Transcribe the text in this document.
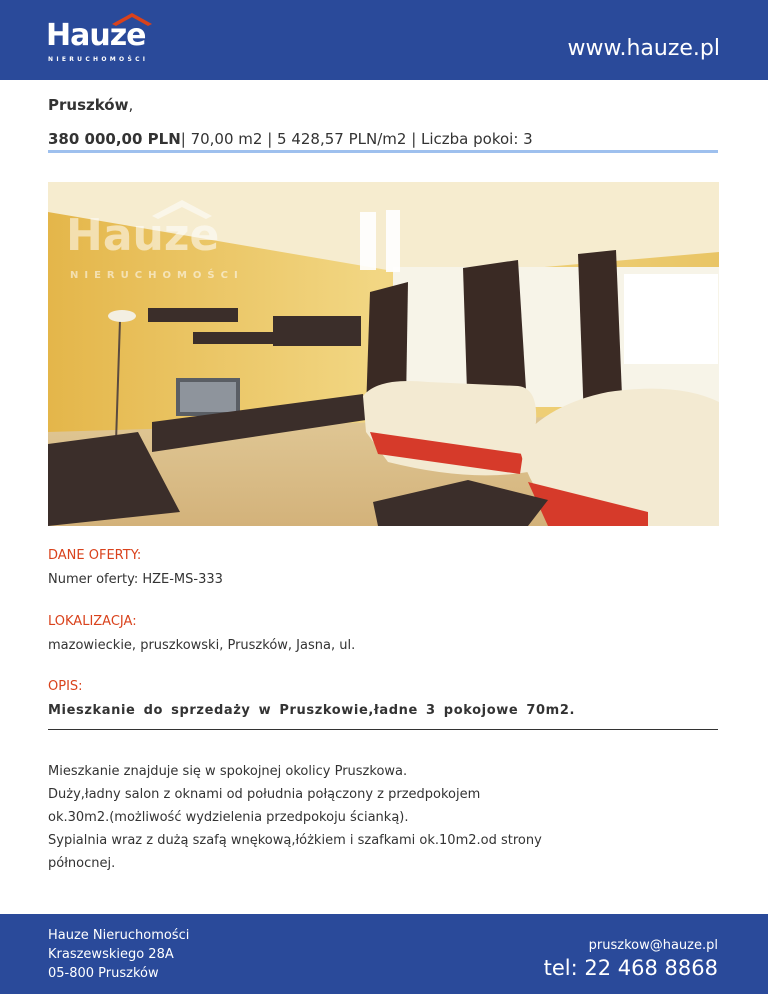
Hauze
NIERUCHOMOŚCI	www.hauze.pl
Pruszków,
380 000,00 PLN| 70,00 m2 | 5 428,57 PLN/m2 | Liczba pokoi: 3
Hauze
NIERUCHOMOŚCI
DANE OFERTY:
Numer oferty: HZE-MS-333
LOKALIZACJA:
mazowieckie, pruszkowski, Pruszków, Jasna, ul.
OPIS:
Mieszkanie do sprzedaży w Pruszkowie,ładne 3 pokojowe 70m2.
Mieszkanie znajduje się w spokojnej okolicy Pruszkowa.
Duży,ładny salon z oknami od południa połączony z przedpokojem
ok.30m2.(możliwość wydzielenia przedpokoju ścianką).
Sypialnia wraz z dużą szafą wnękową,łóżkiem i szafkami ok.10m2.od strony
północnej.
Hauze Nieruchomości
Kraszewskiego 28A
05-800 Pruszków
pruszkow@hauze.pl
tel: 22 468 8868
